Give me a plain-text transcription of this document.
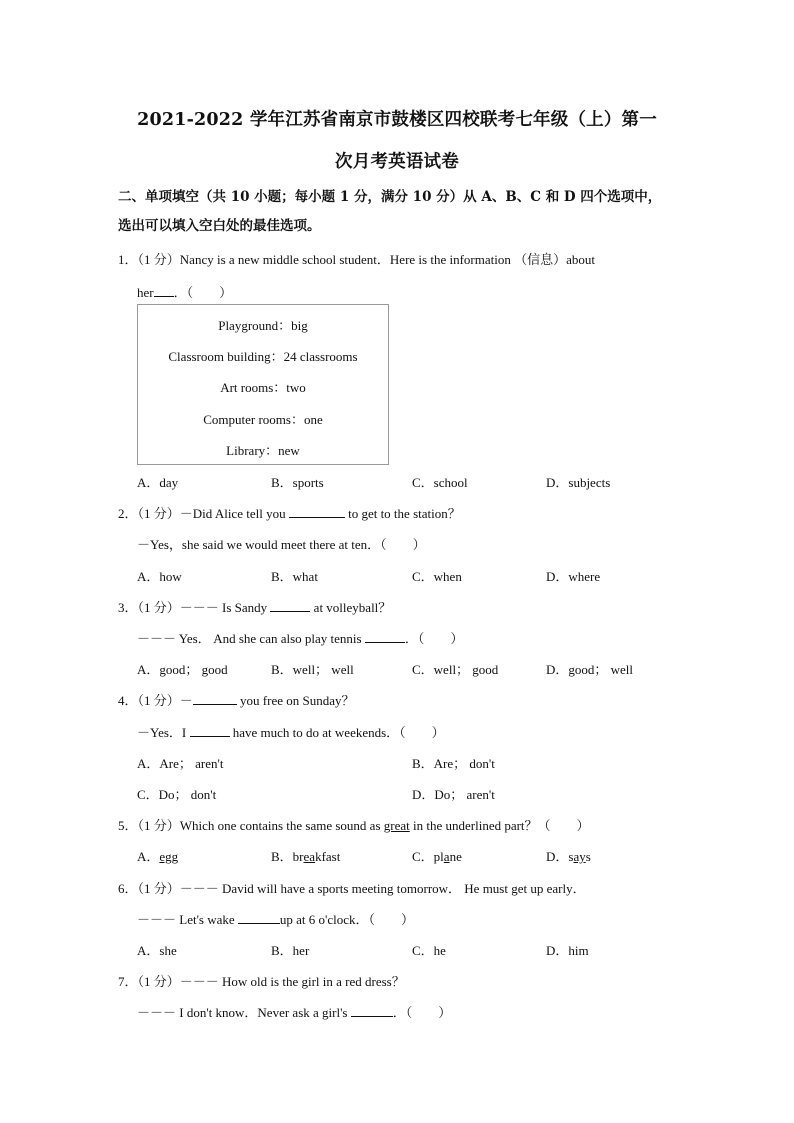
2021-2022 学年江苏省南京市鼓楼区四校联考七年级（上）第一
次月考英语试卷
二、单项填空（共 10 小题；每小题 1 分，满分 10 分）从 A、B、C 和 D 四个选项中，
选出可以填入空白处的最佳选项。
1．（1 分）Nancy is a new middle school student．Here is the information （信息）about
her ．（　　）
Playground：big
Classroom building：24 classrooms
Art rooms：two
Computer rooms：one
Library：new
A．day	B．sports	C．school	D．subjects
2．（1 分）－Did Alice tell you	to get to the station？
－Yes，she said we would meet there at ten．（　　）
A．how	B．what	C．when	D．where
3．（1 分）－－－ Is Sandy	at volleyball？
－－－ Yes． And she can also play tennis	．（　　）
A．good； good	B．well； well	C．well； good	D．good； well
4．（1 分）－	you free on Sunday？
－Yes．I	have much to do at weekends．（　　）
A．Are； aren't	B．Are； don't
C．Do； don't	D．Do； aren't
5．（1 分）Which one contains the same sound as great in the underlined part？（　　）
A．egg	B．breakfast	C．plane	D．says
6．（1 分）－－－ David will have a sports meeting tomorrow． He must get up early．
－－－ Let's wake	up at 6 o'clock．（　　）
A．she	B．her	C．he	D．him
7．（1 分）－－－ How old is the girl in a red dress？
－－－ I don't know．Never ask a girl's	．（　　）
